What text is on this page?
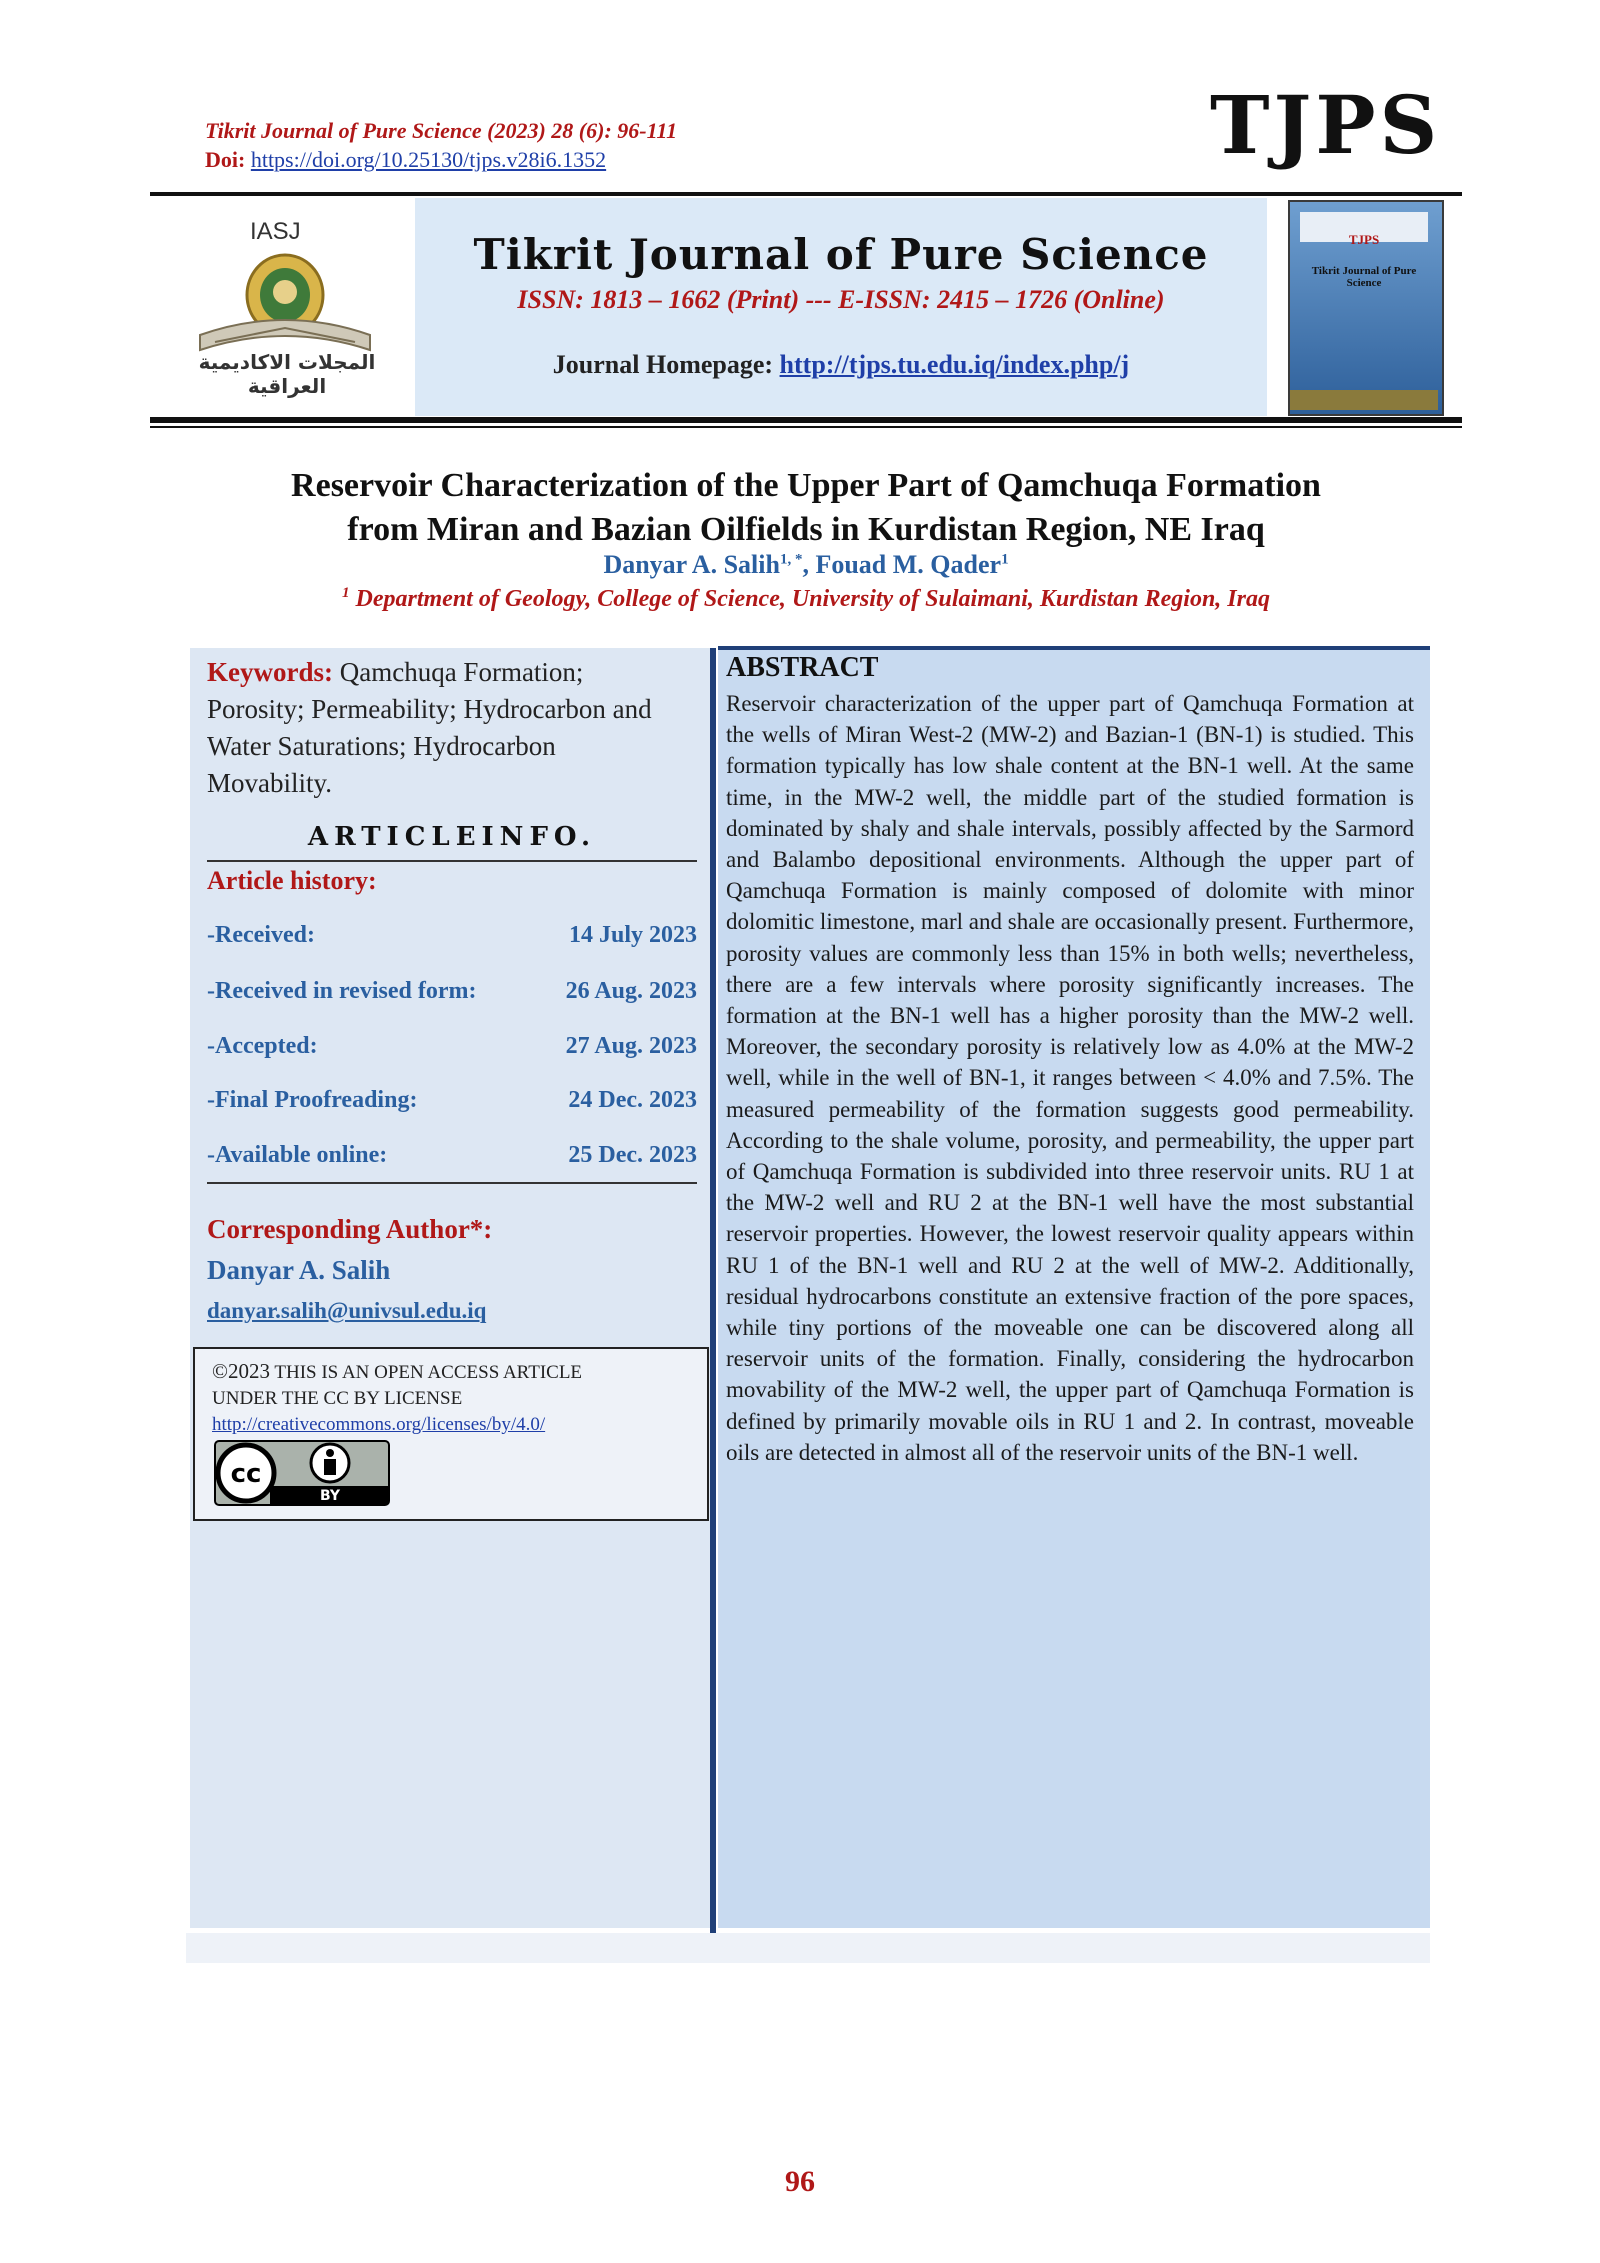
Tikrit Journal of Pure Science (2023) 28 (6): 96-111
Doi: https://doi.org/10.25130/tjps.v28i6.1352	TJPS
IASJ
المجلات الاكاديمية العراقية
Tikrit Journal of Pure Science
ISSN: 1813 – 1662 (Print) --- E-ISSN: 2415 – 1726 (Online)
Journal Homepage: http://tjps.tu.edu.iq/index.php/j
TJPS
Tikrit Journal of Pure Science
Reservoir Characterization of the Upper Part of Qamchuqa Formation
from Miran and Bazian Oilfields in Kurdistan Region, NE Iraq
Danyar A. Salih$^{1, *}$, Fouad M. Qader$^1$
$^1$ Department of Geology, College of Science, University of Sulaimani, Kurdistan Region, Iraq
Keywords: Qamchuqa Formation; Porosity; Permeability; Hydrocarbon and Water Saturations; Hydrocarbon Movability.
ARTICLEINFO.
Article history:
-Received:	14 July 2023
-Received in revised form:	26 Aug. 2023
-Accepted:	27 Aug. 2023
-Final Proofreading:	24 Dec. 2023
-Available online:	25 Dec. 2023
Corresponding Author*:
Danyar A. Salih
danyar.salih@univsul.edu.iq
©2023 THIS IS AN OPEN ACCESS ARTICLE
UNDER THE CC BY LICENSE
http://creativecommons.org/licenses/by/4.0/
cc
BY
ABSTRACT
Reservoir characterization of the upper part of Qamchuqa Formation at the wells of Miran West-2 (MW-2) and Bazian-1 (BN-1) is studied. This formation typically has low shale content at the BN-1 well. At the same time, in the MW-2 well, the middle part of the studied formation is dominated by shaly and shale intervals, possibly affected by the Sarmord and Balambo depositional environments. Although the upper part of Qamchuqa Formation is mainly composed of dolomite with minor dolomitic limestone, marl and shale are occasionally present. Furthermore, porosity values are commonly less than 15% in both wells; nevertheless, there are a few intervals where porosity significantly increases. The formation at the BN-1 well has a higher porosity than the MW-2 well. Moreover, the secondary porosity is relatively low as 4.0% at the MW-2 well, while in the well of BN-1, it ranges between < 4.0% and 7.5%. The measured permeability of the formation suggests good permeability. According to the shale volume, porosity, and permeability, the upper part of Qamchuqa Formation is subdivided into three reservoir units. RU 1 at the MW-2 well and RU 2 at the BN-1 well have the most substantial reservoir properties. However, the lowest reservoir quality appears within RU 1 of the BN-1 well and RU 2 at the well of MW-2. Additionally, residual hydrocarbons constitute an extensive fraction of the pore spaces, while tiny portions of the moveable one can be discovered along all reservoir units of the formation. Finally, considering the hydrocarbon movability of the MW-2 well, the upper part of Qamchuqa Formation is defined by primarily movable oils in RU 1 and 2. In contrast, moveable oils are detected in almost all of the reservoir units of the BN-1 well.
96
